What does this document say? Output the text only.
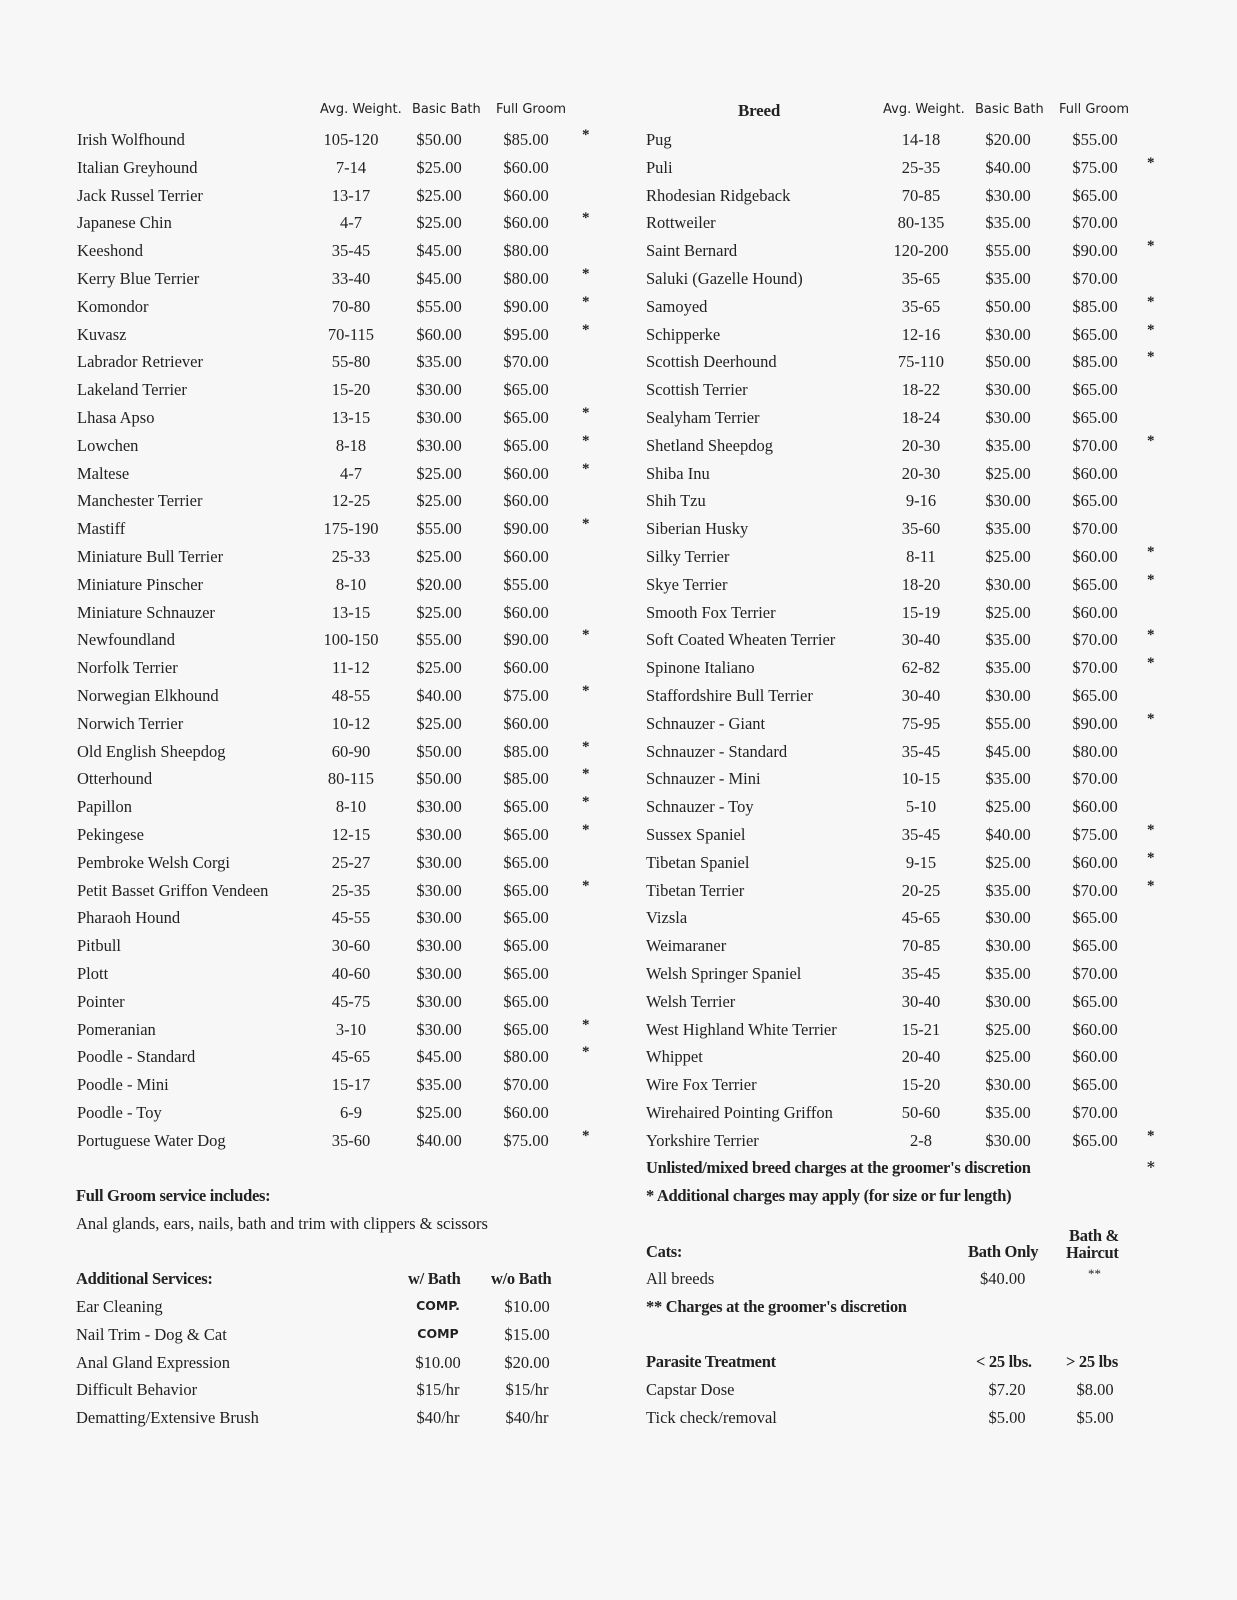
Avg. Weight. Basic Bath Full Groom	Breed	Avg. Weight. Basic Bath Full Groom
Irish Wolfhound	105-120	$50.00	$85.00	*
Italian Greyhound	7-14	$25.00	$60.00
Jack Russel Terrier	13-17	$25.00	$60.00
Japanese Chin	4-7	$25.00	$60.00	*
Keeshond	35-45	$45.00	$80.00
Kerry Blue Terrier	33-40	$45.00	$80.00	*
Komondor	70-80	$55.00	$90.00	*
Kuvasz	70-115	$60.00	$95.00	*
Labrador Retriever	55-80	$35.00	$70.00
Lakeland Terrier	15-20	$30.00	$65.00
Lhasa Apso	13-15	$30.00	$65.00	*
Lowchen	8-18	$30.00	$65.00	*
Maltese	4-7	$25.00	$60.00	*
Manchester Terrier	12-25	$25.00	$60.00
Mastiff	175-190	$55.00	$90.00	*
Miniature Bull Terrier	25-33	$25.00	$60.00
Miniature Pinscher	8-10	$20.00	$55.00
Miniature Schnauzer	13-15	$25.00	$60.00
Newfoundland	100-150	$55.00	$90.00	*
Norfolk Terrier	11-12	$25.00	$60.00
Norwegian Elkhound	48-55	$40.00	$75.00	*
Norwich Terrier	10-12	$25.00	$60.00
Old English Sheepdog	60-90	$50.00	$85.00	*
Otterhound	80-115	$50.00	$85.00	*
Papillon	8-10	$30.00	$65.00	*
Pekingese	12-15	$30.00	$65.00	*
Pembroke Welsh Corgi	25-27	$30.00	$65.00
Petit Basset Griffon Vendeen	25-35	$30.00	$65.00	*
Pharaoh Hound	45-55	$30.00	$65.00
Pitbull	30-60	$30.00	$65.00
Plott	40-60	$30.00	$65.00
Pointer	45-75	$30.00	$65.00
Pomeranian	3-10	$30.00	$65.00	*
Poodle - Standard	45-65	$45.00	$80.00	*
Poodle - Mini	15-17	$35.00	$70.00
Poodle - Toy	6-9	$25.00	$60.00
Portuguese Water Dog	35-60	$40.00	$75.00	*
Pug	14-18	$20.00	$55.00
Puli	25-35	$40.00	$75.00	*
Rhodesian Ridgeback	70-85	$30.00	$65.00
Rottweiler	80-135	$35.00	$70.00
Saint Bernard	120-200	$55.00	$90.00	*
Saluki (Gazelle Hound)	35-65	$35.00	$70.00
Samoyed	35-65	$50.00	$85.00	*
Schipperke	12-16	$30.00	$65.00	*
Scottish Deerhound	75-110	$50.00	$85.00	*
Scottish Terrier	18-22	$30.00	$65.00
Sealyham Terrier	18-24	$30.00	$65.00
Shetland Sheepdog	20-30	$35.00	$70.00	*
Shiba Inu	20-30	$25.00	$60.00
Shih Tzu	9-16	$30.00	$65.00
Siberian Husky	35-60	$35.00	$70.00
Silky Terrier	8-11	$25.00	$60.00	*
Skye Terrier	18-20	$30.00	$65.00	*
Smooth Fox Terrier	15-19	$25.00	$60.00
Soft Coated Wheaten Terrier	30-40	$35.00	$70.00	*
Spinone Italiano	62-82	$35.00	$70.00	*
Staffordshire Bull Terrier	30-40	$30.00	$65.00
Schnauzer - Giant	75-95	$55.00	$90.00	*
Schnauzer - Standard	35-45	$45.00	$80.00
Schnauzer - Mini	10-15	$35.00	$70.00
Schnauzer - Toy	5-10	$25.00	$60.00
Sussex Spaniel	35-45	$40.00	$75.00	*
Tibetan Spaniel	9-15	$25.00	$60.00	*
Tibetan Terrier	20-25	$35.00	$70.00	*
Vizsla	45-65	$30.00	$65.00
Weimaraner	70-85	$30.00	$65.00
Welsh Springer Spaniel	35-45	$35.00	$70.00
Welsh Terrier	30-40	$30.00	$65.00
West Highland White Terrier	15-21	$25.00	$60.00
Whippet	20-40	$25.00	$60.00
Wire Fox Terrier	15-20	$30.00	$65.00
Wirehaired Pointing Griffon	50-60	$35.00	$70.00
Yorkshire Terrier	2-8	$30.00	$65.00	*
Unlisted/mixed breed charges at the groomer's discretion	*
* Additional charges may apply (for size or fur length)
Full Groom service includes:
Anal glands, ears, nails, bath and trim with clippers & scissors
Additional Services:	w/ Bath w/o Bath
Ear Cleaning	COMP.	$10.00
Nail Trim - Dog & Cat	COMP	$15.00
Anal Gland Expression	$10.00	$20.00
Difficult Behavior	$15/hr	$15/hr
Dematting/Extensive Brush	$40/hr	$40/hr
Cats:	Bath Only
Bath &
Haircut
All breeds	$40.00	**
** Charges at the groomer's discretion
Parasite Treatment	< 25 lbs. > 25 lbs
Capstar Dose	$7.20	$8.00
Tick check/removal	$5.00	$5.00
